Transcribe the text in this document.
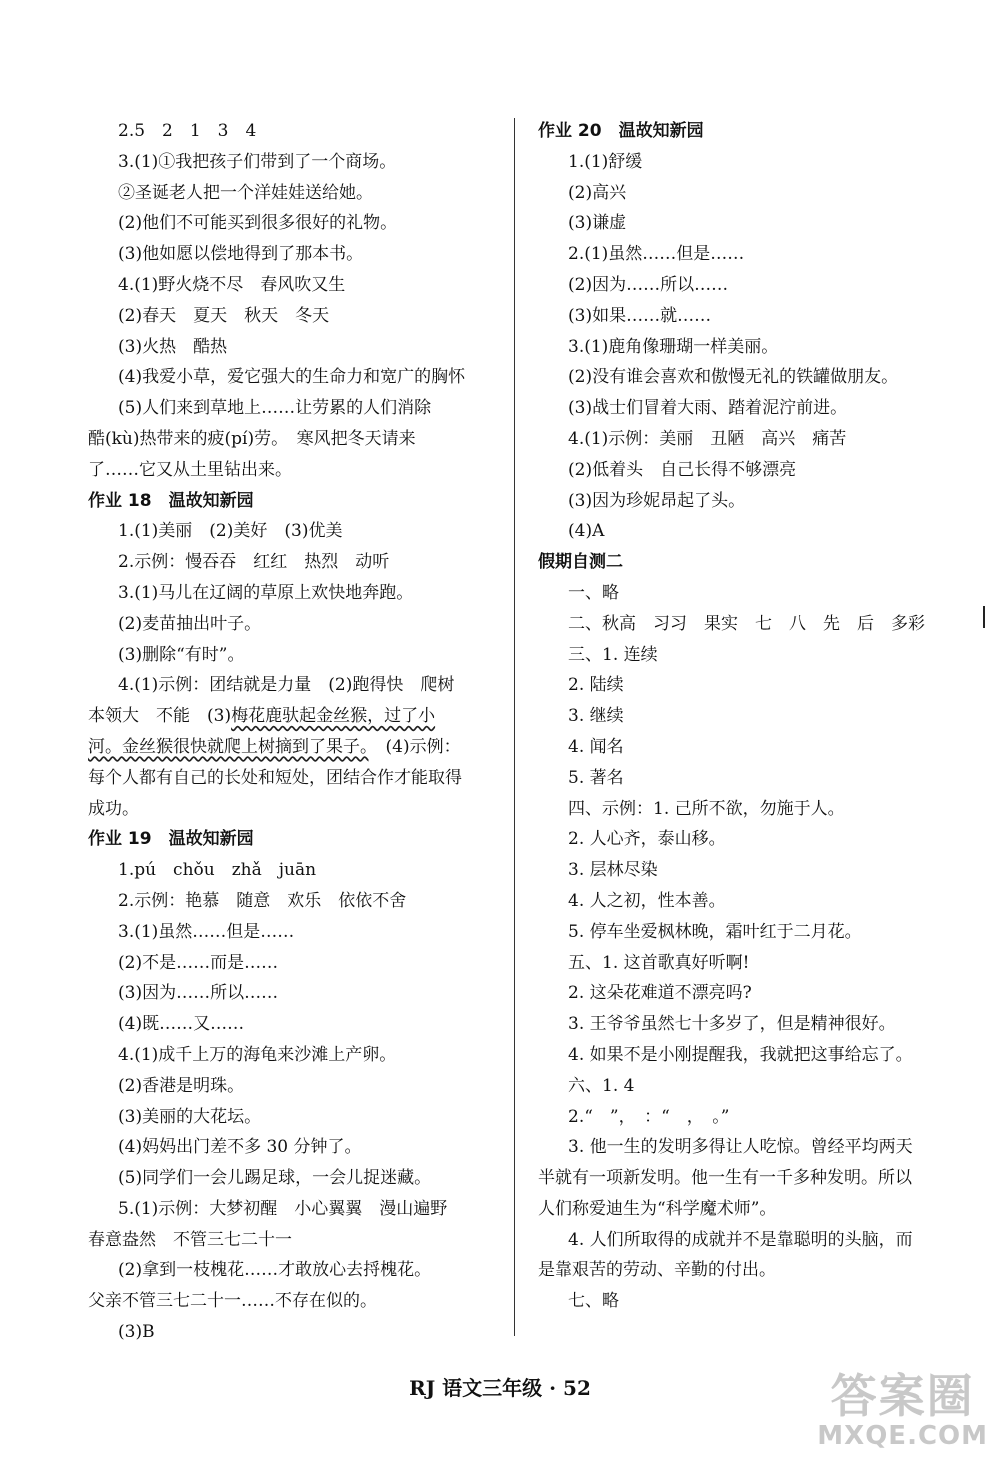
2.5　2　1　3　4
3.(1)①我把孩子们带到了一个商场。
②圣诞老人把一个洋娃娃送给她。
(2)他们不可能买到很多很好的礼物。
(3)他如愿以偿地得到了那本书。
4.(1)野火烧不尽　春风吹又生
(2)春天　夏天　秋天　冬天
(3)火热　酷热
(4)我爱小草，爱它强大的生命力和宽广的胸怀
(5)人们来到草地上……让劳累的人们消除
酷(kù)热带来的疲(pí)劳。　寒风把冬天请来
了……它又从土里钻出来。
作业 18　温故知新园
1.(1)美丽　(2)美好　(3)优美
2.示例：慢吞吞　红红　热烈　动听
3.(1)马儿在辽阔的草原上欢快地奔跑。
(2)麦苗抽出叶子。
(3)删除“有时”。
4.(1)示例：团结就是力量　(2)跑得快　爬树
本领大　不能　(3)梅花鹿驮起金丝猴，过了小
河。金丝猴很快就爬上树摘到了果子。　(4)示例：
每个人都有自己的长处和短处，团结合作才能取得
成功。
作业 19　温故知新园
1.pú　chǒu　zhǎ　juān
2.示例：艳慕　随意　欢乐　依依不舍
3.(1)虽然……但是……
(2)不是……而是……
(3)因为……所以……
(4)既……又……
4.(1)成千上万的海龟来沙滩上产卵。
(2)香港是明珠。
(3)美丽的大花坛。
(4)妈妈出门差不多 30 分钟了。
(5)同学们一会儿踢足球，一会儿捉迷藏。
5.(1)示例：大梦初醒　小心翼翼　漫山遍野
春意盎然　不管三七二十一
(2)拿到一枝槐花……才敢放心去捋槐花。
父亲不管三七二十一……不存在似的。
(3)B
作业 20　温故知新园
1.(1)舒缓
(2)高兴
(3)谦虚
2.(1)虽然……但是……
(2)因为……所以……
(3)如果……就……
3.(1)鹿角像珊瑚一样美丽。
(2)没有谁会喜欢和傲慢无礼的铁罐做朋友。
(3)战士们冒着大雨、踏着泥泞前进。
4.(1)示例：美丽　丑陋　高兴　痛苦
(2)低着头　自己长得不够漂亮
(3)因为珍妮昂起了头。
(4)A
假期自测二
一、略
二、秋高　习习　果实　七　八　先　后　多彩
三、1. 连续
2. 陆续
3. 继续
4. 闻名
5. 著名
四、示例：1. 己所不欲，勿施于人。
2. 人心齐，泰山移。
3. 层林尽染
4. 人之初，性本善。
5. 停车坐爱枫林晚，霜叶红于二月花。
五、1. 这首歌真好听啊!
2. 这朵花难道不漂亮吗?
3. 王爷爷虽然七十多岁了，但是精神很好。
4. 如果不是小刚提醒我，我就把这事给忘了。
六、1. 4
2.“　”，　：“　，　。”
3. 他一生的发明多得让人吃惊。曾经平均两天
半就有一项新发明。他一生有一千多种发明。所以
人们称爱迪生为“科学魔术师”。
4. 人们所取得的成就并不是靠聪明的头脑，而
是靠艰苦的劳动、辛勤的付出。
七、略
RJ 语文三年级 · 52	答案圈
MXQE.COM
